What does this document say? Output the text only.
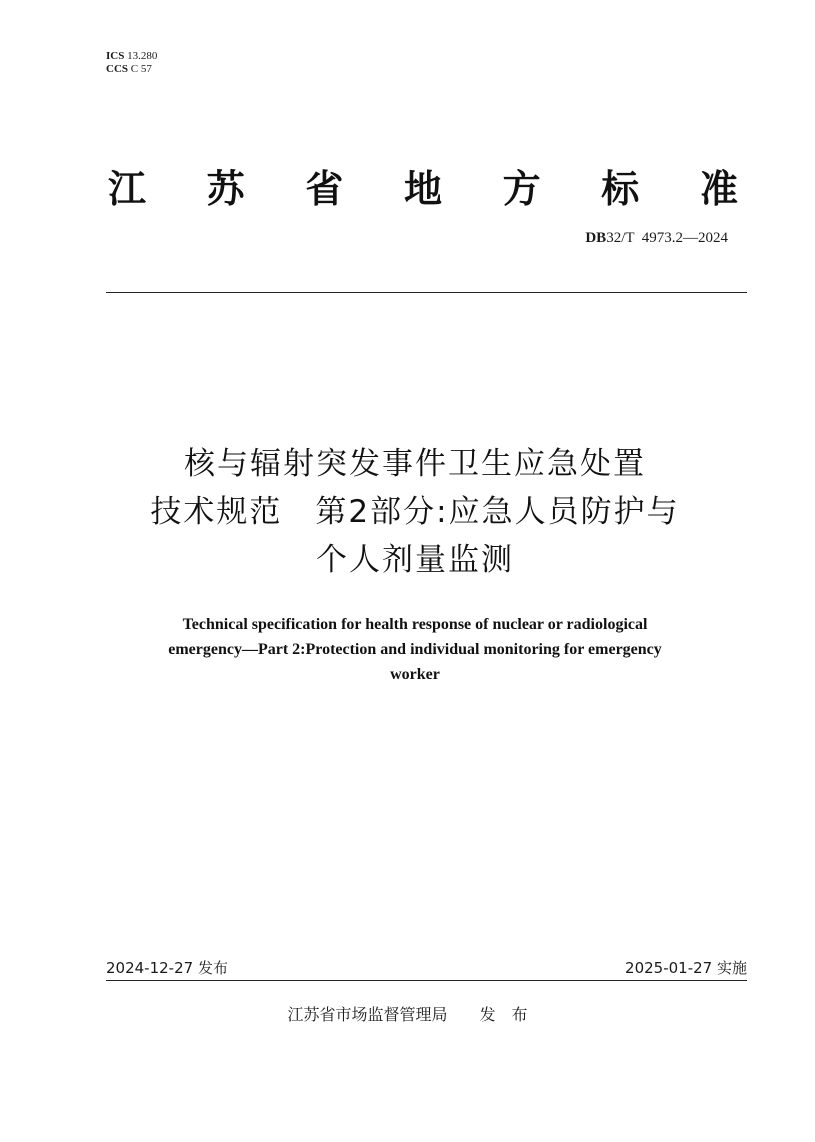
ICS 13.280
CCS C 57
江 苏 省 地 方 标 准
DB32/T  4973.2—2024
核与辐射突发事件卫生应急处置
技术规范　第2部分:应急人员防护与
个人剂量监测
Technical specification for health response of nuclear or radiological
emergency—Part 2:Protection and individual monitoring for emergency
worker
2024-12-27 发布	2025-01-27 实施
江苏省市场监督管理局 发　布
